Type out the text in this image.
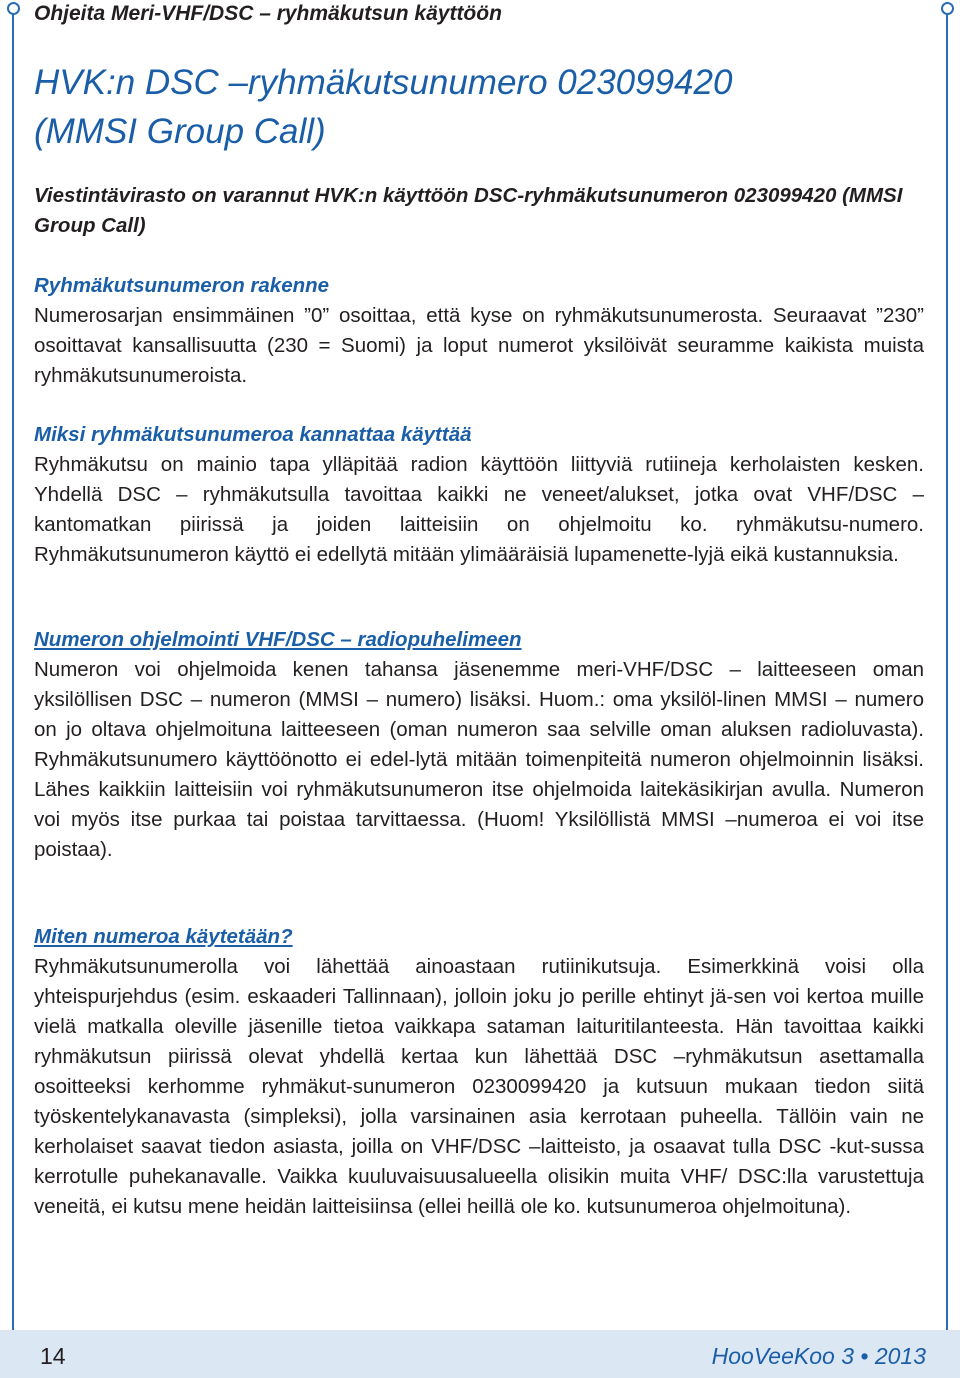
Ohjeita Meri-VHF/DSC – ryhmäkutsun käyttöön
HVK:n DSC –ryhmäkutsunumero 023099420
(MMSI Group Call)
Viestintävirasto on varannut HVK:n käyttöön DSC-ryhmäkutsunumeron 023099420 (MMSI Group Call)
Ryhmäkutsunumeron rakenne
Numerosarjan ensimmäinen ”0” osoittaa, että kyse on ryhmäkutsunumerosta. Seuraavat ”230” osoittavat kansallisuutta (230 = Suomi) ja loput numerot yksilöivät seuramme kaikista muista ryhmäkutsunumeroista.
Miksi ryhmäkutsunumeroa kannattaa käyttää
Ryhmäkutsu on mainio tapa ylläpitää radion käyttöön liittyviä rutiineja kerholaisten kesken. Yhdellä DSC – ryhmäkutsulla tavoittaa kaikki ne veneet/alukset, jotka ovat VHF/DSC – kantomatkan piirissä ja joiden laitteisiin on ohjelmoitu ko. ryhmäkutsu-numero. Ryhmäkutsunumeron käyttö ei edellytä mitään ylimääräisiä lupamenette-lyjä eikä kustannuksia.
Numeron ohjelmointi VHF/DSC – radiopuhelimeen
Numeron voi ohjelmoida kenen tahansa jäsenemme meri-VHF/DSC – laitteeseen oman yksilöllisen DSC – numeron (MMSI – numero) lisäksi. Huom.: oma yksilöl-linen MMSI – numero on jo oltava ohjelmoituna laitteeseen (oman numeron saa selville oman aluksen radioluvasta). Ryhmäkutsunumero käyttöönotto ei edel-lytä mitään toimenpiteitä numeron ohjelmoinnin lisäksi. Lähes kaikkiin laitteisiin voi ryhmäkutsunumeron itse ohjelmoida laitekäsikirjan avulla. Numeron voi myös itse purkaa tai poistaa tarvittaessa. (Huom! Yksilöllistä MMSI –numeroa ei voi itse poistaa).
Miten numeroa käytetään?
Ryhmäkutsunumerolla voi lähettää ainoastaan rutiinikutsuja. Esimerkkinä voisi olla yhteispurjehdus (esim. eskaaderi Tallinnaan), jolloin joku jo perille ehtinyt jä-sen voi kertoa muille vielä matkalla oleville jäsenille tietoa vaikkapa sataman laituritilanteesta. Hän tavoittaa kaikki ryhmäkutsun piirissä olevat yhdellä kertaa kun lähettää DSC –ryhmäkutsun asettamalla osoitteeksi kerhomme ryhmäkut-sunumeron 0230099420 ja kutsuun mukaan tiedon siitä työskentelykanavasta (simpleksi), jolla varsinainen asia kerrotaan puheella. Tällöin vain ne kerholaiset saavat tiedon asiasta, joilla on VHF/DSC –laitteisto, ja osaavat tulla DSC -kut-sussa kerrotulle puhekanavalle. Vaikka kuuluvaisuusalueella olisikin muita VHF/ DSC:lla varustettuja veneitä, ei kutsu mene heidän laitteisiinsa (ellei heillä ole ko. kutsunumeroa ohjelmoituna).
14	HooVeeKoo 3 • 2013
